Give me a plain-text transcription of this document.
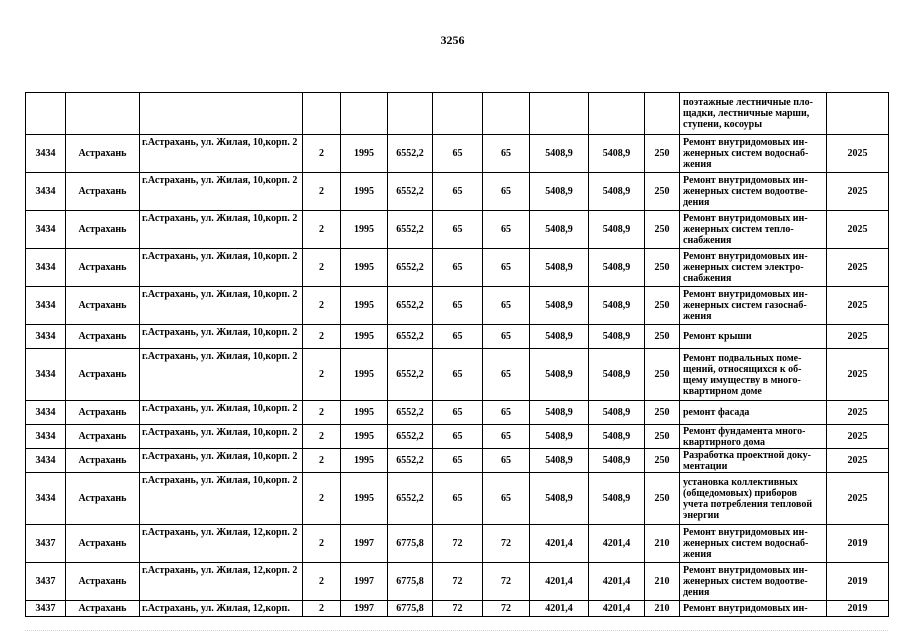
3256
											поэтажные лестничные пло-щадки, лестничные марши, ступени, косоуры	
3434	Астрахань	г.Астрахань, ул. Жилая, 10,корп. 2	2	1995	6552,2	65	65	5408,9	5408,9	250	Ремонт внутридомовых ин-женерных систем водоснаб-жения	2025
3434	Астрахань	г.Астрахань, ул. Жилая, 10,корп. 2	2	1995	6552,2	65	65	5408,9	5408,9	250	Ремонт внутридомовых ин-женерных систем водоотве-дения	2025
3434	Астрахань	г.Астрахань, ул. Жилая, 10,корп. 2	2	1995	6552,2	65	65	5408,9	5408,9	250	Ремонт внутридомовых ин-женерных систем тепло-снабжения	2025
3434	Астрахань	г.Астрахань, ул. Жилая, 10,корп. 2	2	1995	6552,2	65	65	5408,9	5408,9	250	Ремонт внутридомовых ин-женерных систем электро-снабжения	2025
3434	Астрахань	г.Астрахань, ул. Жилая, 10,корп. 2	2	1995	6552,2	65	65	5408,9	5408,9	250	Ремонт внутридомовых ин-женерных систем газоснаб-жения	2025
3434	Астрахань	г.Астрахань, ул. Жилая, 10,корп. 2	2	1995	6552,2	65	65	5408,9	5408,9	250	Ремонт крыши	2025
3434	Астрахань	г.Астрахань, ул. Жилая, 10,корп. 2	2	1995	6552,2	65	65	5408,9	5408,9	250	Ремонт подвальных поме-щений, относящихся к об-щему имуществу в много-квартирном доме	2025
3434	Астрахань	г.Астрахань, ул. Жилая, 10,корп. 2	2	1995	6552,2	65	65	5408,9	5408,9	250	ремонт фасада	2025
3434	Астрахань	г.Астрахань, ул. Жилая, 10,корп. 2	2	1995	6552,2	65	65	5408,9	5408,9	250	Ремонт фундамента много-квартирного дома	2025
3434	Астрахань	г.Астрахань, ул. Жилая, 10,корп. 2	2	1995	6552,2	65	65	5408,9	5408,9	250	Разработка проектной доку-ментации	2025
3434	Астрахань	г.Астрахань, ул. Жилая, 10,корп. 2	2	1995	6552,2	65	65	5408,9	5408,9	250	установка коллективных (общедомовых) приборов учета потребления тепловой энергии	2025
3437	Астрахань	г.Астрахань, ул. Жилая, 12,корп. 2	2	1997	6775,8	72	72	4201,4	4201,4	210	Ремонт внутридомовых ин-женерных систем водоснаб-жения	2019
3437	Астрахань	г.Астрахань, ул. Жилая, 12,корп. 2	2	1997	6775,8	72	72	4201,4	4201,4	210	Ремонт внутридомовых ин-женерных систем водоотве-дения	2019
3437	Астрахань	г.Астрахань, ул. Жилая, 12,корп.	2	1997	6775,8	72	72	4201,4	4201,4	210	Ремонт внутридомовых ин-	2019
